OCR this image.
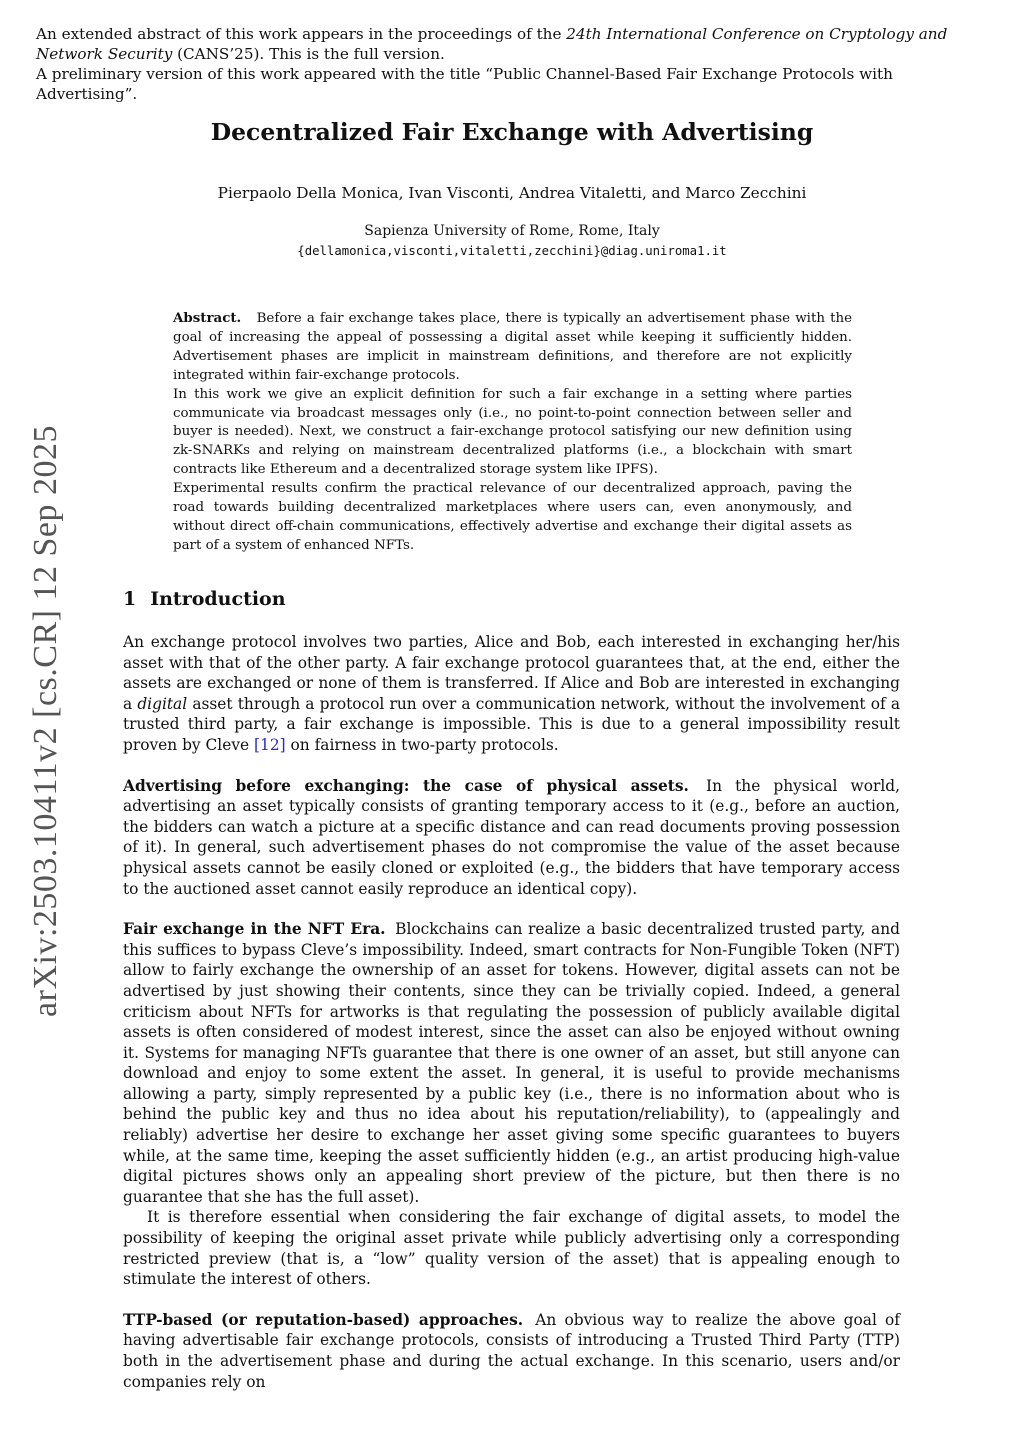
An extended abstract of this work appears in the proceedings of the 24th International Conference on Cryptology and Network Security (CANS’25). This is the full version.
A preliminary version of this work appeared with the title “Public Channel-Based Fair Exchange Protocols with Advertising”.
arXiv:2503.10411v2 [cs.CR] 12 Sep 2025
Decentralized Fair Exchange with Advertising
Pierpaolo Della Monica, Ivan Visconti, Andrea Vitaletti, and Marco Zecchini
Sapienza University of Rome, Rome, Italy
{dellamonica,visconti,vitaletti,zecchini}@diag.uniroma1.it

Abstract. Before a fair exchange takes place, there is typically an advertisement phase with the goal of increasing the appeal of possessing a digital asset while keeping it sufficiently hidden. Advertisement phases are implicit in mainstream definitions, and therefore are not explicitly integrated within fair-exchange protocols.

In this work we give an explicit definition for such a fair exchange in a setting where parties communicate via broadcast messages only (i.e., no point-to-point connection between seller and buyer is needed). Next, we construct a fair-exchange protocol satisfying our new definition using zk-SNARKs and relying on mainstream decentralized platforms (i.e., a blockchain with smart contracts like Ethereum and a decentralized storage system like IPFS).

Experimental results confirm the practical relevance of our decentralized approach, paving the road towards building decentralized marketplaces where users can, even anonymously, and without direct off-chain communications, effectively advertise and exchange their digital assets as part of a system of enhanced NFTs.

1 Introduction

An exchange protocol involves two parties, Alice and Bob, each interested in exchanging her/his asset with that of the other party. A fair exchange protocol guarantees that, at the end, either the assets are exchanged or none of them is transferred. If Alice and Bob are interested in exchanging a digital asset through a protocol run over a communication network, without the involvement of a trusted third party, a fair exchange is impossible. This is due to a general impossibility result proven by Cleve [12] on fairness in two-party protocols.

Advertising before exchanging: the case of physical assets. In the physical world, advertising an asset typically consists of granting temporary access to it (e.g., before an auction, the bidders can watch a picture at a specific distance and can read documents proving possession of it). In general, such advertisement phases do not compromise the value of the asset because physical assets cannot be easily cloned or exploited (e.g., the bidders that have temporary access to the auctioned asset cannot easily reproduce an identical copy).

Fair exchange in the NFT Era. Blockchains can realize a basic decentralized trusted party, and this suffices to bypass Cleve’s impossibility. Indeed, smart contracts for Non-Fungible Token (NFT) allow to fairly exchange the ownership of an asset for tokens. However, digital assets can not be advertised by just showing their contents, since they can be trivially copied. Indeed, a general criticism about NFTs for artworks is that regulating the possession of publicly available digital assets is often considered of modest interest, since the asset can also be enjoyed without owning it. Systems for managing NFTs guarantee that there is one owner of an asset, but still anyone can download and enjoy to some extent the asset. In general, it is useful to provide mechanisms allowing a party, simply represented by a public key (i.e., there is no information about who is behind the public key and thus no idea about his reputation/reliability), to (appealingly and reliably) advertise her desire to exchange her asset giving some specific guarantees to buyers while, at the same time, keeping the asset sufficiently hidden (e.g., an artist producing high-value digital pictures shows only an appealing short preview of the picture, but then there is no guarantee that she has the full asset).

It is therefore essential when considering the fair exchange of digital assets, to model the possibility of keeping the original asset private while publicly advertising only a corresponding restricted preview (that is, a “low” quality version of the asset) that is appealing enough to stimulate the interest of others.

TTP-based (or reputation-based) approaches. An obvious way to realize the above goal of having advertisable fair exchange protocols, consists of introducing a Trusted Third Party (TTP) both in the advertisement phase and during the actual exchange. In this scenario, users and/or companies rely on
